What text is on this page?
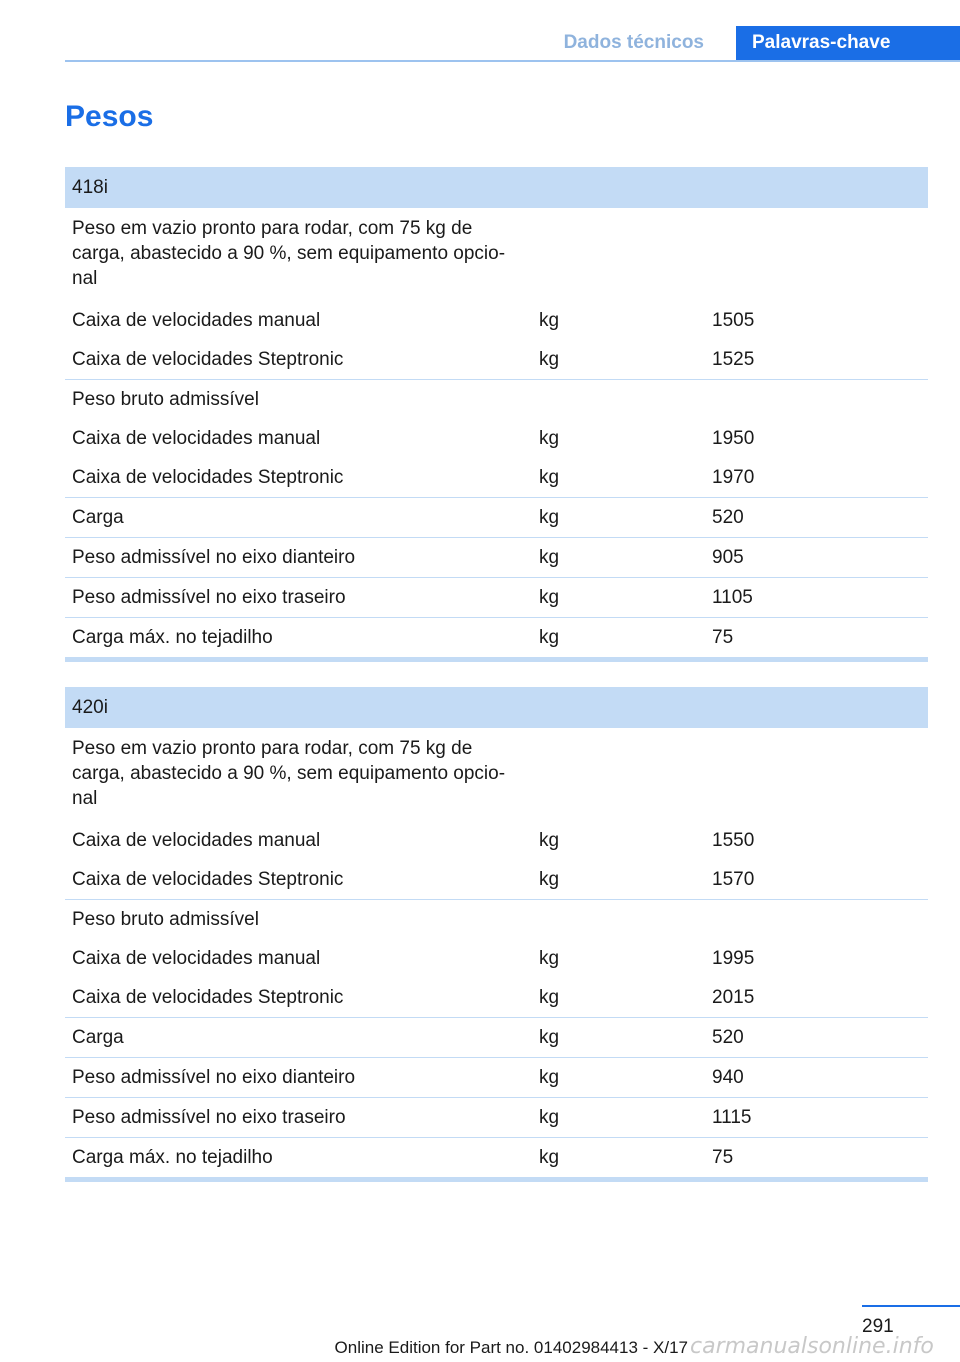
Dados técnicos	Palavras-chave
Pesos
418i
Peso em vazio pronto para rodar, com 75 kg de carga, abastecido a 90 %, sem equipamento opcio-nal
Caixa de velocidades manual	kg	1505
Caixa de velocidades Steptronic	kg	1525
Peso bruto admissível
Caixa de velocidades manual	kg	1950
Caixa de velocidades Steptronic	kg	1970
Carga	kg	520
Peso admissível no eixo dianteiro	kg	905
Peso admissível no eixo traseiro	kg	1105
Carga máx. no tejadilho	kg	75
420i
Peso em vazio pronto para rodar, com 75 kg de carga, abastecido a 90 %, sem equipamento opcio-nal
Caixa de velocidades manual	kg	1550
Caixa de velocidades Steptronic	kg	1570
Peso bruto admissível
Caixa de velocidades manual	kg	1995
Caixa de velocidades Steptronic	kg	2015
Carga	kg	520
Peso admissível no eixo dianteiro	kg	940
Peso admissível no eixo traseiro	kg	1115
Carga máx. no tejadilho	kg	75
291
Online Edition for Part no. 01402984413 - X/17 carmanualsonline.info
